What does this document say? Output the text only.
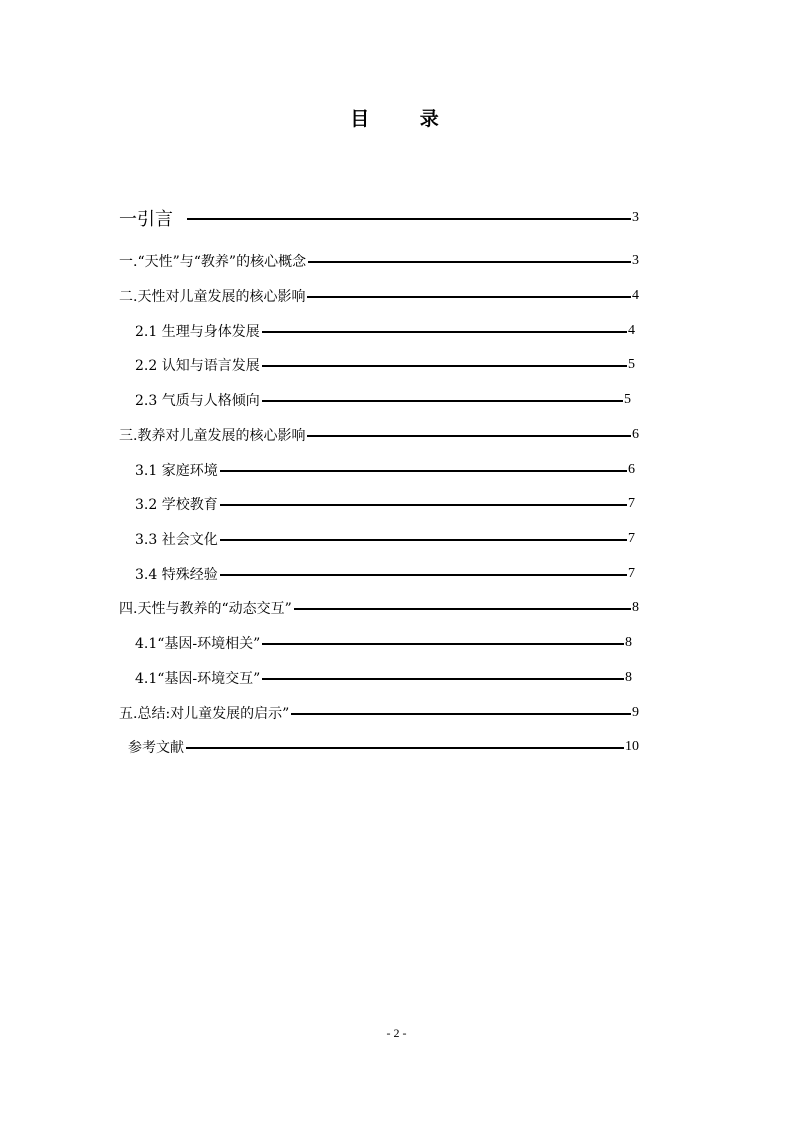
目 录
一引言	3
一.“天性”与“教养”的核心概念	3
二.天性对儿童发展的核心影响	4
2.1 生理与身体发展	4
2.2 认知与语言发展	5
2.3 气质与人格倾向	5
三.教养对儿童发展的核心影响	6
3.1 家庭环境	6
3.2 学校教育	7
3.3 社会文化	7
3.4 特殊经验	7
四.天性与教养的“动态交互”	8
4.1“基因-环境相关”	8
4.1“基因-环境交互”	8
五.总结:对儿童发展的启示”	9
参考文献	10
- 2 -
